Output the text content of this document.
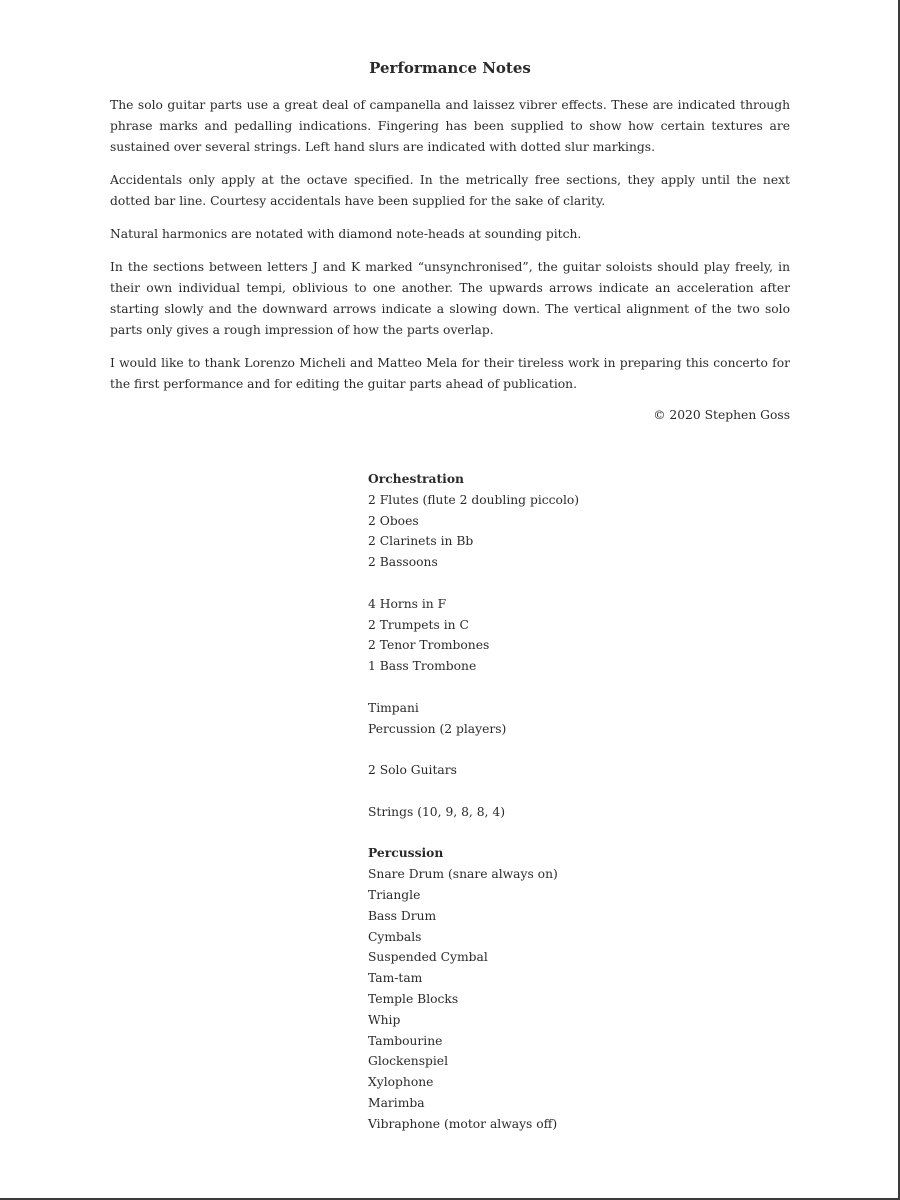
Performance Notes

The solo guitar parts use a great deal of campanella and laissez vibrer effects. These are indicated through phrase marks and pedalling indications. Fingering has been supplied to show how certain textures are sustained over several strings. Left hand slurs are indicated with dotted slur markings.

Accidentals only apply at the octave specified. In the metrically free sections, they apply until the next dotted bar line. Courtesy accidentals have been supplied for the sake of clarity.

Natural harmonics are notated with diamond note-heads at sounding pitch.

In the sections between letters J and K marked “unsynchronised”, the guitar soloists should play freely, in their own individual tempi, oblivious to one another. The upwards arrows indicate an acceleration after starting slowly and the downward arrows indicate a slowing down. The vertical alignment of the two solo parts only gives a rough impression of how the parts overlap.

I would like to thank Lorenzo Micheli and Matteo Mela for their tireless work in preparing this concerto for the first performance and for editing the guitar parts ahead of publication.

© 2020 Stephen Goss
Orchestration
2 Flutes (flute 2 doubling piccolo)
2 Oboes
2 Clarinets in Bb
2 Bassoons
4 Horns in F
2 Trumpets in C
2 Tenor Trombones
1 Bass Trombone
Timpani
Percussion (2 players)
2 Solo Guitars
Strings (10, 9, 8, 8, 4)
Percussion
Snare Drum (snare always on)
Triangle
Bass Drum
Cymbals
Suspended Cymbal
Tam-tam
Temple Blocks
Whip
Tambourine
Glockenspiel
Xylophone
Marimba
Vibraphone (motor always off)
